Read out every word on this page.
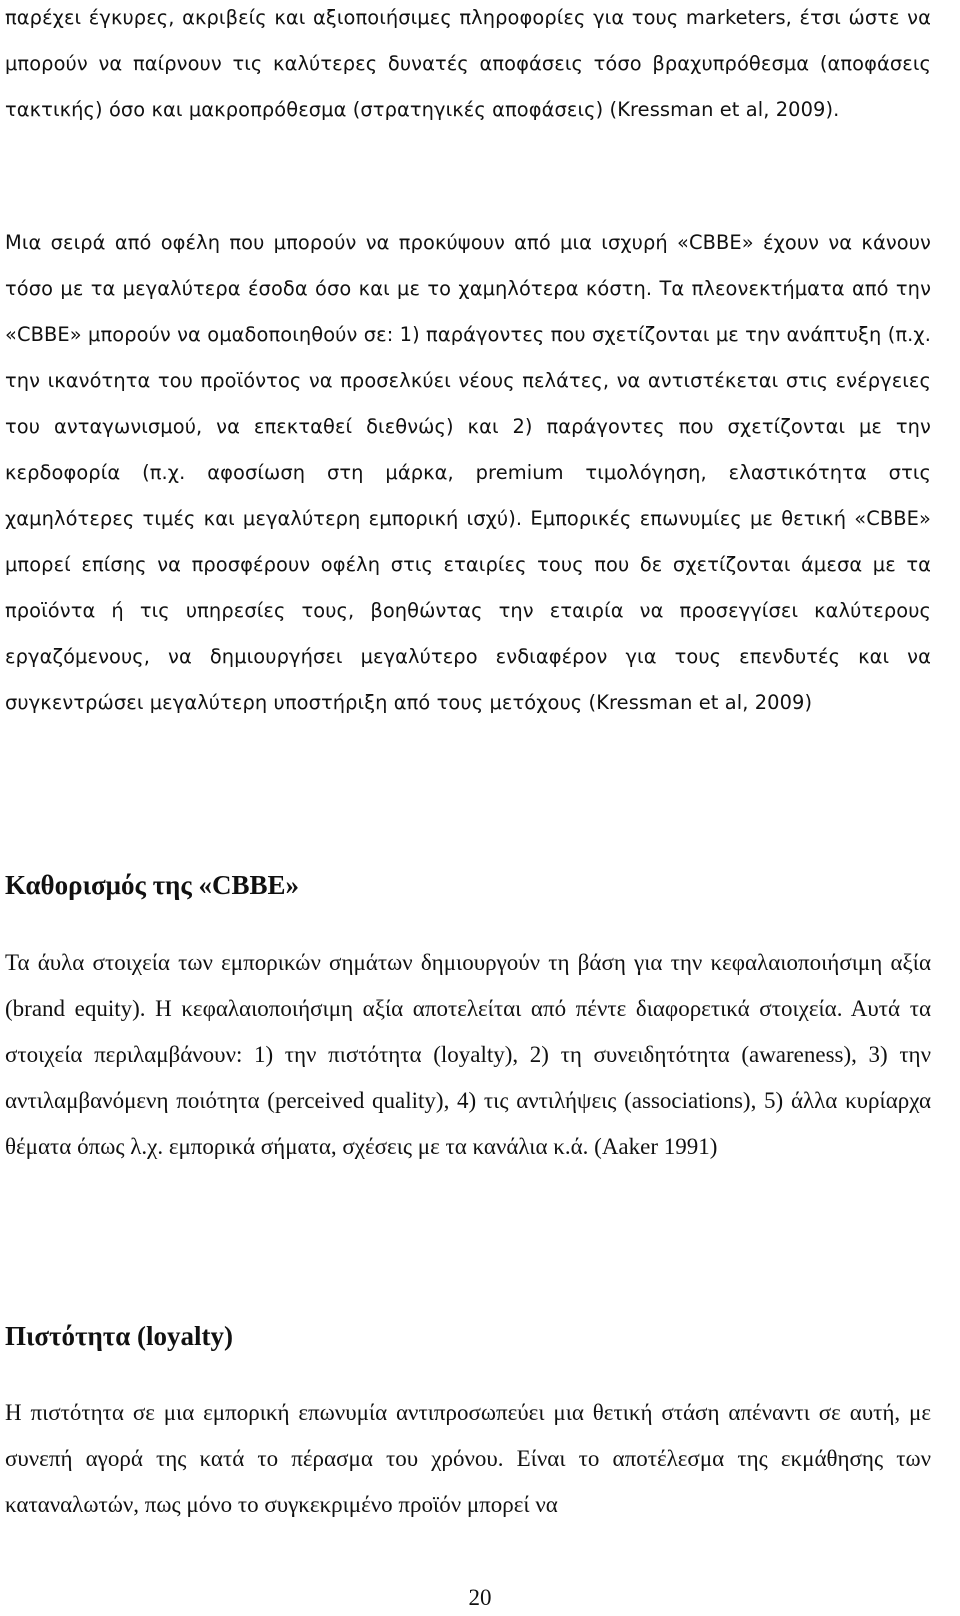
παρέχει έγκυρες, ακριβείς και αξιοποιήσιμες πληροφορίες για τους marketers, έτσι ώστε να μπορούν να παίρνουν τις καλύτερες δυνατές αποφάσεις τόσο βραχυπρόθεσμα (αποφάσεις τακτικής) όσο και μακροπρόθεσμα (στρατηγικές αποφάσεις) (Kressman et al, 2009).

Μια σειρά από οφέλη που μπορούν να προκύψουν από μια ισχυρή «CBBE» έχουν να κάνουν τόσο με τα μεγαλύτερα έσοδα όσο και με το χαμηλότερα κόστη. Τα πλεονεκτήματα από την «CBBE» μπορούν να ομαδοποιηθούν σε: 1) παράγοντες που σχετίζονται με την ανάπτυξη (π.χ. την ικανότητα του προϊόντος να προσελκύει νέους πελάτες, να αντιστέκεται στις ενέργειες του ανταγωνισμού, να επεκταθεί διεθνώς) και 2) παράγοντες που σχετίζονται με την κερδοφορία (π.χ. αφοσίωση στη μάρκα, premium τιμολόγηση, ελαστικότητα στις χαμηλότερες τιμές και μεγαλύτερη εμπορική ισχύ). Εμπορικές επωνυμίες με θετική «CBBE» μπορεί επίσης να προσφέρουν οφέλη στις εταιρίες τους που δε σχετίζονται άμεσα με τα προϊόντα ή τις υπηρεσίες τους, βοηθώντας την εταιρία να προσεγγίσει καλύτερους εργαζόμενους, να δημιουργήσει μεγαλύτερο ενδιαφέρον για τους επενδυτές και να συγκεντρώσει μεγαλύτερη υποστήριξη από τους μετόχους (Kressman et al, 2009)

Καθορισμός της «CBBE»

Τα άυλα στοιχεία των εμπορικών σημάτων δημιουργούν τη βάση για την κεφαλαιοποιήσιμη αξία (brand equity). Η κεφαλαιοποιήσιμη αξία αποτελείται από πέντε διαφορετικά στοιχεία. Αυτά τα στοιχεία περιλαμβάνουν: 1) την πιστότητα (loyalty), 2) τη συνειδητότητα (awareness), 3) την αντιλαμβανόμενη ποιότητα (perceived quality), 4) τις αντιλήψεις (associations), 5) άλλα κυρίαρχα θέματα όπως λ.χ. εμπορικά σήματα, σχέσεις με τα κανάλια κ.ά. (Aaker 1991)

Πιστότητα (loyalty)

Η πιστότητα σε μια εμπορική επωνυμία αντιπροσωπεύει μια θετική στάση απέναντι σε αυτή, με συνεπή αγορά της κατά το πέρασμα του χρόνου. Είναι το αποτέλεσμα της εκμάθησης των καταναλωτών, πως μόνο το συγκεκριμένο προϊόν μπορεί να

20
